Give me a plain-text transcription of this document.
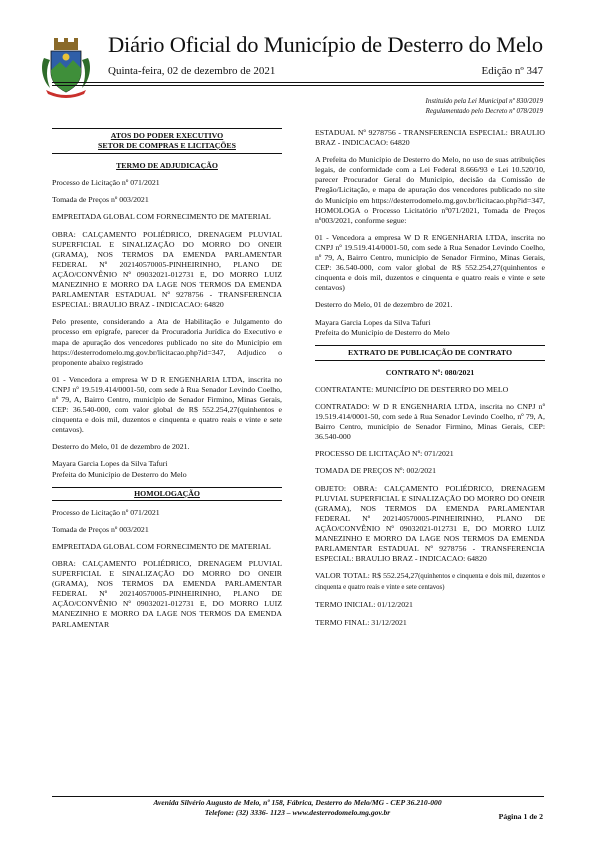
Diário Oficial do Município de Desterro do Melo
Quinta-feira, 02 de dezembro de 2021	Edição nº 347
Instituído pela Lei Municipal nº 830/2019
Regulamentado pelo Decreto nº 078/2019
ATOS DO PODER EXECUTIVO
SETOR DE COMPRAS E LICITAÇÕES

TERMO DE ADJUDICAÇÃO

Processo de Licitação nº 071/2021

Tomada de Preços nº 003/2021

EMPREITADA GLOBAL COM FORNECIMENTO DE MATERIAL

OBRA: CALÇAMENTO POLIÉDRICO, DRENAGEM PLUVIAL SUPERFICIAL E SINALIZAÇÃO DO MORRO DO ONEIR (GRAMA), NOS TERMOS DA EMENDA PARLAMENTAR FEDERAL Nº 202140570005-PINHEIRINHO, PLANO DE AÇÃO/CONVÊNIO Nº 09032021-012731 E, DO MORRO LUIZ MANEZINHO E MORRO DA LAGE NOS TERMOS DA EMENDA PARLAMENTAR ESTADUAL Nº 9278756 - TRANSFERENCIA ESPECIAL: BRAULIO BRAZ - INDICACAO: 64820

Pelo presente, considerando a Ata de Habilitação e Julgamento do processo em epígrafe, parecer da Procuradoria Jurídica do Executivo e mapa de apuração dos vencedores publicado no site do Município em https://desterrodomelo.mg.gov.br/licitacao.php?id=347, Adjudico o proponente abaixo registrado

01 - Vencedora a empresa W D R ENGENHARIA LTDA, inscrita no CNPJ nº 19.519.414/0001-50, com sede à Rua Senador Levindo Coelho, nº 79, A, Bairro Centro, município de Senador Firmino, Minas Gerais, CEP: 36.540-000, com valor global de R$ 552.254,27(quinhentos e cinquenta e dois mil, duzentos e cinquenta e quatro reais e vinte e sete centavos).

Desterro do Melo, 01 de dezembro de 2021.

Mayara Garcia Lopes da Silva Tafuri

Prefeita do Município de Desterro do Melo

HOMOLOGAÇÃO

Processo de Licitação nº 071/2021

Tomada de Preços nº 003/2021

EMPREITADA GLOBAL COM FORNECIMENTO DE MATERIAL

OBRA: CALÇAMENTO POLIÉDRICO, DRENAGEM PLUVIAL SUPERFICIAL E SINALIZAÇÃO DO MORRO DO ONEIR (GRAMA), NOS TERMOS DA EMENDA PARLAMENTAR FEDERAL Nº 202140570005-PINHEIRINHO, PLANO DE AÇÃO/CONVÊNIO Nº 09032021-012731 E, DO MORRO LUIZ MANEZINHO E MORRO DA LAGE NOS TERMOS DA EMENDA PARLAMENTAR

ESTADUAL Nº 9278756 - TRANSFERENCIA ESPECIAL: BRAULIO BRAZ - INDICACAO: 64820

A Prefeita do Município de Desterro do Melo, no uso de suas atribuições legais, de conformidade com a Lei Federal 8.666/93 e Lei 10.520/10, parecer Procurador Geral do Município, decisão da Comissão de Pregão/Licitação, e mapa de apuração dos vencedores publicado no site do Município em https://desterrodomelo.mg.gov.br/licitacao.php?id=347, HOMOLOGA o Processo Licitatório nº071/2021, Tomada de Preços nº003/2021, conforme segue:

01 - Vencedora a empresa W D R ENGENHARIA LTDA, inscrita no CNPJ nº 19.519.414/0001-50, com sede à Rua Senador Levindo Coelho, nº 79, A, Bairro Centro, município de Senador Firmino, Minas Gerais, CEP: 36.540-000, com valor global de R$ 552.254,27(quinhentos e cinquenta e dois mil, duzentos e cinquenta e quatro reais e vinte e sete centavos)

Desterro do Melo, 01 de dezembro de 2021.

Mayara Garcia Lopes da Silva Tafuri

Prefeita do Município de Desterro do Melo

EXTRATO DE PUBLICAÇÃO DE CONTRATO

CONTRATO Nº: 080/2021

CONTRATANTE: MUNICÍPIO DE DESTERRO DO MELO

CONTRATADO: W D R ENGENHARIA LTDA, inscrita no CNPJ nº 19.519.414/0001-50, com sede à Rua Senador Levindo Coelho, nº 79, A, Bairro Centro, município de Senador Firmino, Minas Gerais, CEP: 36.540-000

PROCESSO DE LICITAÇÃO Nº: 071/2021

TOMADA DE PREÇOS Nº: 002/2021

OBJETO: OBRA: CALÇAMENTO POLIÉDRICO, DRENAGEM PLUVIAL SUPERFICIAL E SINALIZAÇÃO DO MORRO DO ONEIR (GRAMA), NOS TERMOS DA EMENDA PARLAMENTAR FEDERAL Nº 202140570005-PINHEIRINHO, PLANO DE AÇÃO/CONVÊNIO Nº 09032021-012731 E, DO MORRO LUIZ MANEZINHO E MORRO DA LAGE NOS TERMOS DA EMENDA PARLAMENTAR ESTADUAL Nº 9278756 - TRANSFERENCIA ESPECIAL: BRAULIO BRAZ - INDICACAO: 64820

VALOR TOTAL: R$ 552.254,27(quinhentos e cinquenta e dois mil, duzentos e cinquenta e quatro reais e vinte e sete centavos)

TERMO INICIAL: 01/12/2021

TERMO FINAL: 31/12/2021

Avenida Silvério Augusto de Melo, nº 158, Fábrica, Desterro do Melo/MG - CEP 36.210-000
Telefone: (32) 3336- 1123 – www.desterrodomelo.mg.gov.br	Página 1 de 2
